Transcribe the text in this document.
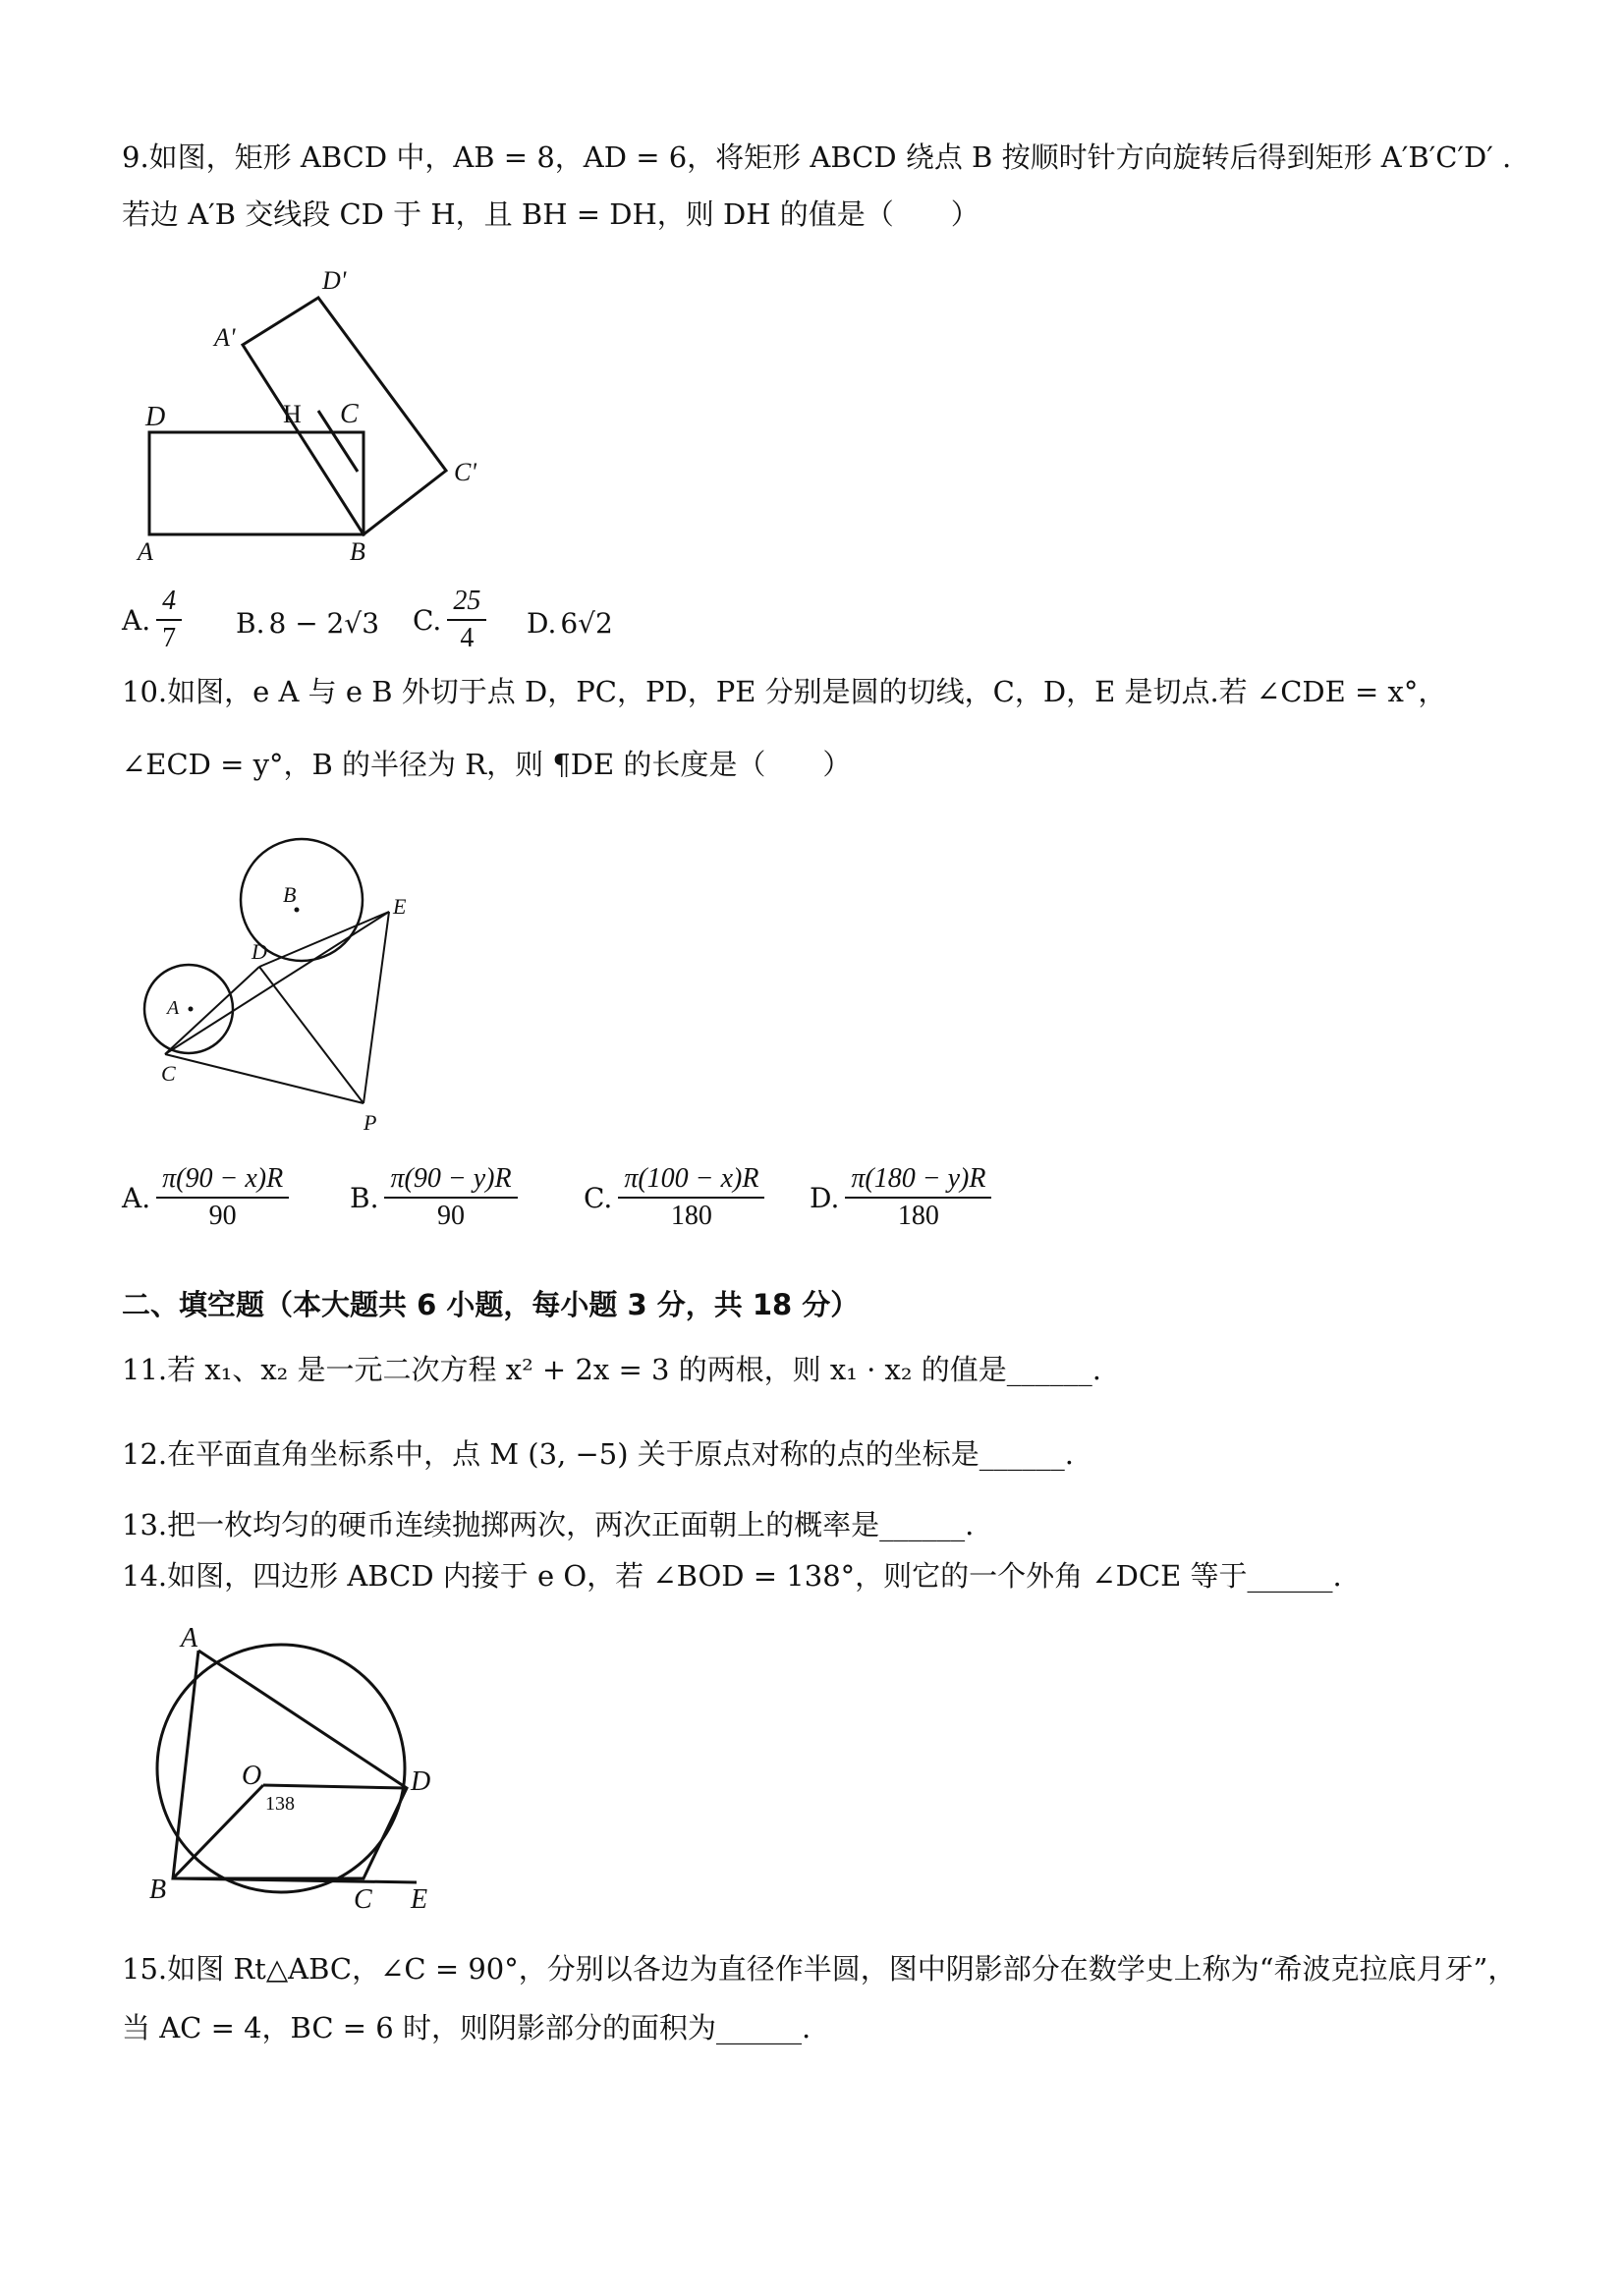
9.如图，矩形 ABCD 中，AB = 8，AD = 6，将矩形 ABCD 绕点 B 按顺时针方向旋转后得到矩形 A′B′C′D′ .
若边 A′B 交线段 CD 于 H，且 BH = DH，则 DH 的值是（　　）
D'
A'
D	H C
C'
A	B
A. $\frac{4}{7} B$. 8 − 2√3 C. $\frac{25}{4} D$. 6√2
10.如图，e A 与 e B 外切于点 D，PC，PD，PE 分别是圆的切线，C，D，E 是切点.若 ∠CDE = x°，
∠ECD = y°，B 的半径为 R，则 ¶DE 的长度是（　　）
B	E
D
A
C
P
A. $\frac{\pi(90 - x)R}{90} B$. $\frac{\pi(90 - y)R}{90} C$. $\frac{\pi(100 - x)R}{180} D$. $\frac{\pi(180 - y)R}{180}$
二、填空题（本大题共 6 小题，每小题 3 分，共 18 分）
11.若 x₁、x₂ 是一元二次方程 x² + 2x = 3 的两根，则 x₁ · x₂ 的值是______.
12.在平面直角坐标系中，点 M (3, −5) 关于原点对称的点的坐标是______.
13.把一枚均匀的硬币连续抛掷两次，两次正面朝上的概率是______.
14.如图，四边形 ABCD 内接于 e O，若 ∠BOD = 138°，则它的一个外角 ∠DCE 等于______.
A
O
138
D
B	C E
15.如图 Rt△ABC，∠C = 90°，分别以各边为直径作半圆，图中阴影部分在数学史上称为“希波克拉底月牙”，
当 AC = 4，BC = 6 时，则阴影部分的面积为______.
